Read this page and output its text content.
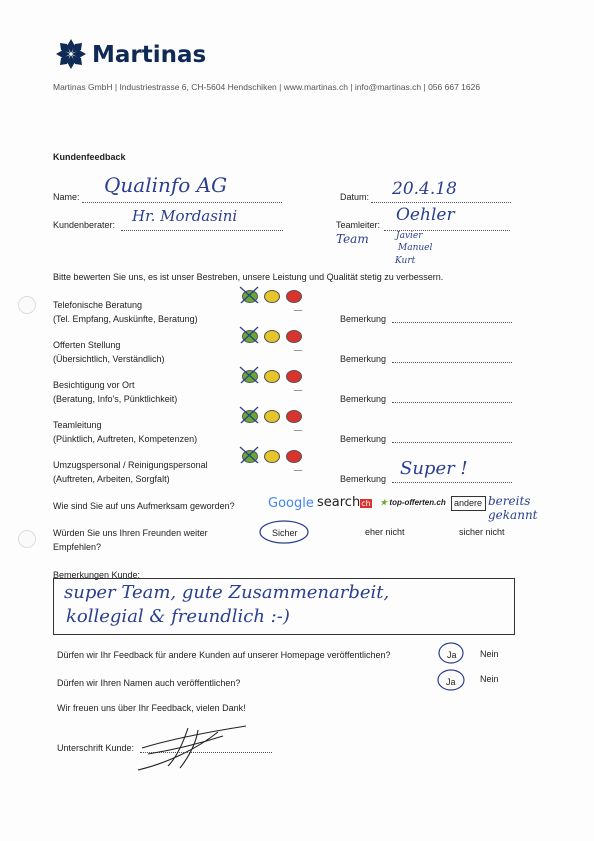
Martinas
Martinas GmbH | Industriestrasse 6, CH-5604 Hendschiken | www.martinas.ch | info@martinas.ch | 056 667 1626
Kundenfeedback
Name: Qualinfo AG	Datum: 20.4.18
Kundenberater: Hr. Mordasini	Teamleiter: Oehler
Team	Javier
Manuel
Kurt
Bitte bewerten Sie uns, es ist unser Bestreben, unsere Leistung und Qualität stetig zu verbessern.
Telefonische Beratung
(Tel. Empfang, Auskünfte, Beratung)	Bemerkung
Offerten Stellung
(Übersichtlich, Verständlich)	Bemerkung
Besichtigung vor Ort
(Beratung, Info's, Pünktlichkeit)	Bemerkung
Teamleitung
(Pünktlich, Auftreten, Kompetenzen)	Bemerkung
Umzugspersonal / Reinigungspersonal
(Auftreten, Arbeiten, Sorgfalt)	Bemerkung Super !
Wie sind Sie auf uns Aufmerksam geworden?	Google searchch ★ top-offerten.ch andere bereits gekannt
Würden Sie uns Ihren Freunden weiter
Empfehlen?
Sicher	eher nicht	sicher nicht
Bemerkungen Kunde:
super Team, gute Zusammenarbeit,
kollegial & freundlich :-)
Dürfen wir Ihr Feedback für andere Kunden auf unserer Homepage veröffentlichen?	Ja	Nein
Dürfen wir Ihren Namen auch veröffentlichen?	Ja	Nein
Wir freuen uns über Ihr Feedback, vielen Dank!
Unterschrift Kunde:
